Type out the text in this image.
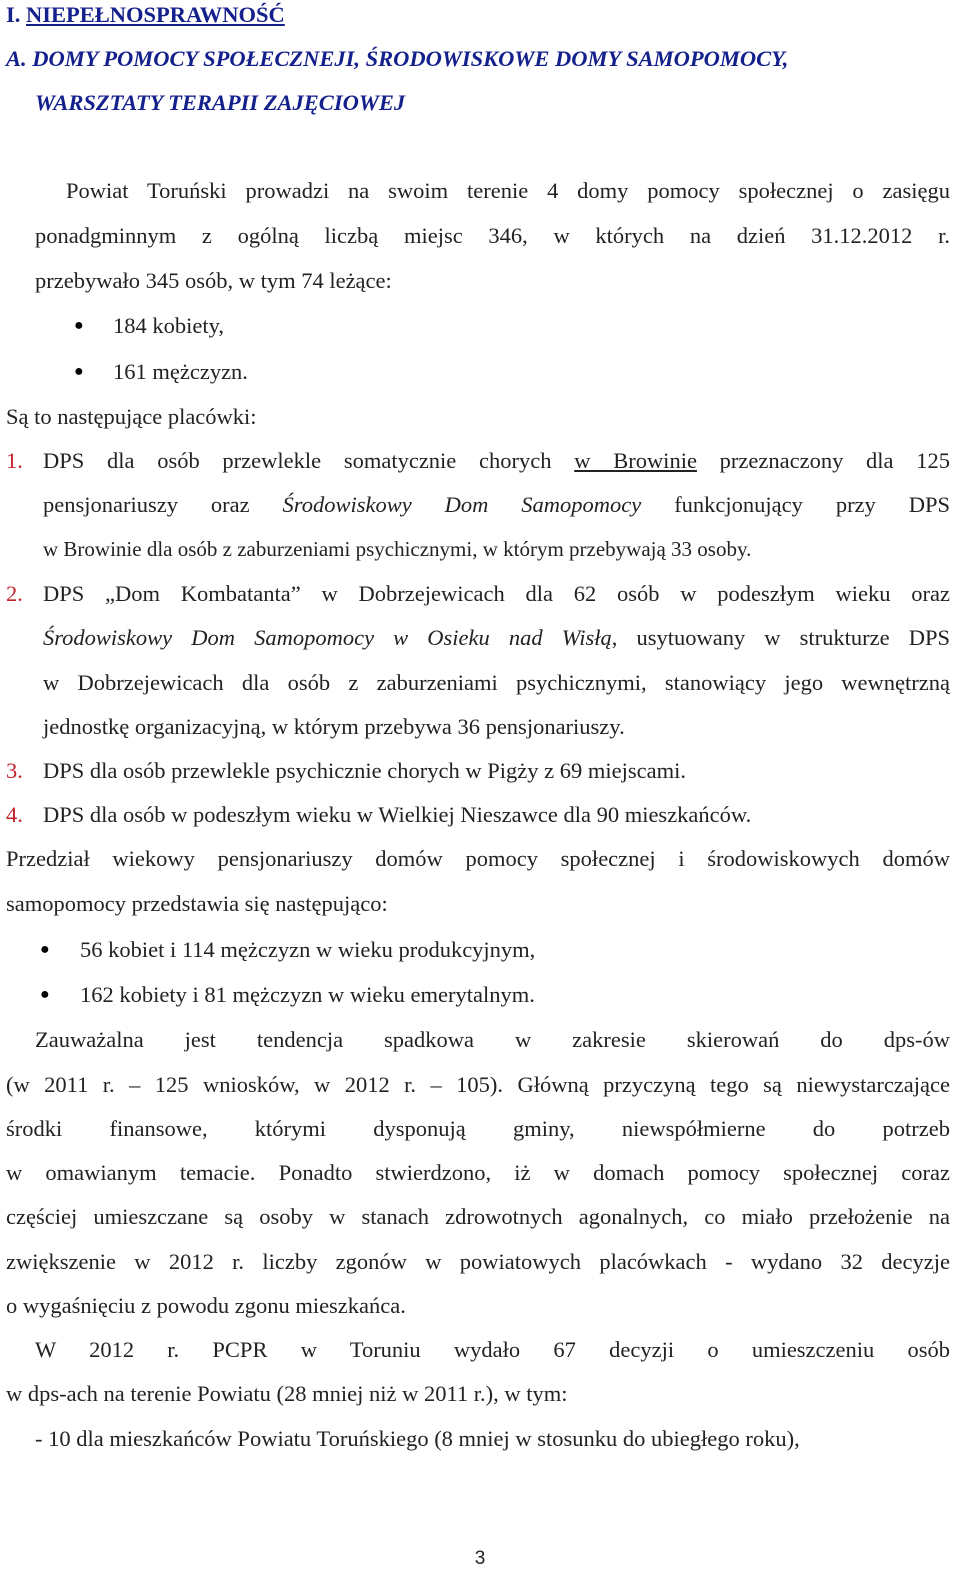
I. NIEPEŁNOSPRAWNOŚĆ
A. DOMY POMOCY SPOŁECZNEJI, ŚRODOWISKOWE DOMY SAMOPOMOCY,
WARSZTATY TERAPII ZAJĘCIOWEJ
Powiat Toruński prowadzi na swoim terenie 4 domy pomocy społecznej o zasięgu
ponadgminnym z ogólną liczbą miejsc 346, w których na dzień 31.12.2012 r.
przebywało 345 osób, w tym 74 leżące:
● 184 kobiety,
● 161 mężczyzn.
Są to następujące placówki:
1. DPS dla osób przewlekle somatycznie chorych w Browinie przeznaczony dla 125
pensjonariuszy oraz Środowiskowy Dom Samopomocy funkcjonujący przy DPS
w Browinie dla osób z zaburzeniami psychicznymi, w którym przebywają 33 osoby.
2. DPS „Dom Kombatanta” w Dobrzejewicach dla 62 osób w podeszłym wieku oraz
Środowiskowy Dom Samopomocy w Osieku nad Wisłą, usytuowany w strukturze DPS
w Dobrzejewicach dla osób z zaburzeniami psychicznymi, stanowiący jego wewnętrzną
jednostkę organizacyjną, w którym przebywa 36 pensjonariuszy.
3. DPS dla osób przewlekle psychicznie chorych w Pigży z 69 miejscami.
4. DPS dla osób w podeszłym wieku w Wielkiej Nieszawce dla 90 mieszkańców.
Przedział wiekowy pensjonariuszy domów pomocy społecznej i środowiskowych domów
samopomocy przedstawia się następująco:
● 56 kobiet i 114 mężczyzn w wieku produkcyjnym,
● 162 kobiety i 81 mężczyzn w wieku emerytalnym.
Zauważalna jest tendencja spadkowa w zakresie skierowań do dps-ów
(w 2011 r. – 125 wniosków, w 2012 r. – 105). Główną przyczyną tego są niewystarczające
środki finansowe, którymi dysponują gminy, niewspółmierne do potrzeb
w omawianym temacie. Ponadto stwierdzono, iż w domach pomocy społecznej coraz
częściej umieszczane są osoby w stanach zdrowotnych agonalnych, co miało przełożenie na
zwiększenie w 2012 r. liczby zgonów w powiatowych placówkach - wydano 32 decyzje
o wygaśnięciu z powodu zgonu mieszkańca.
W 2012 r. PCPR w Toruniu wydało 67 decyzji o umieszczeniu osób
w dps-ach na terenie Powiatu (28 mniej niż w 2011 r.), w tym:
- 10 dla mieszkańców Powiatu Toruńskiego (8 mniej w stosunku do ubiegłego roku),
3
